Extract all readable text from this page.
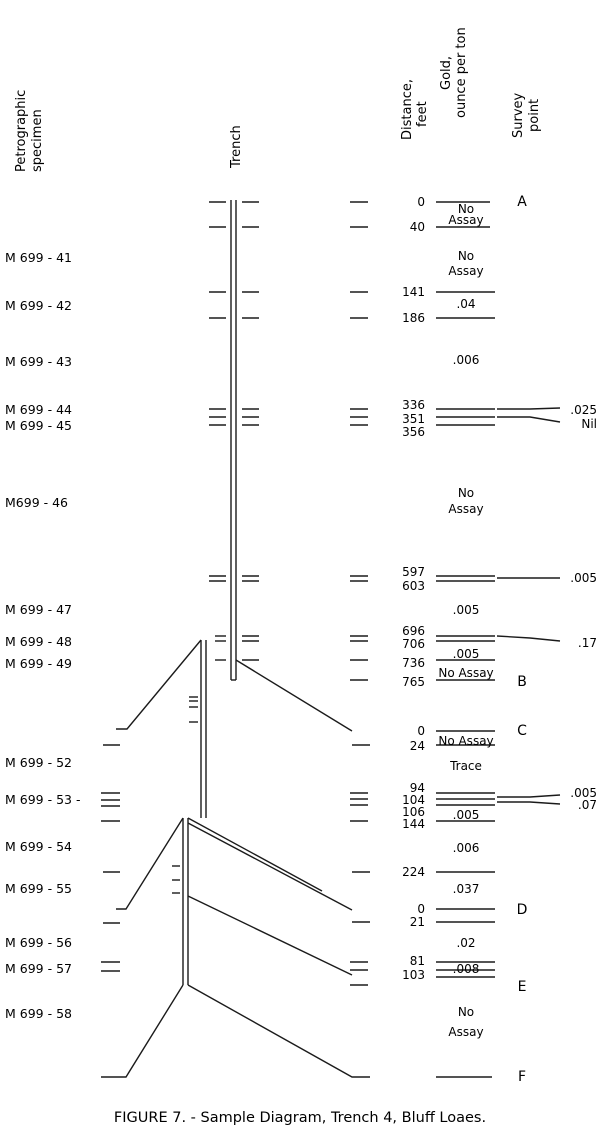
Petrographic specimen	Trench
Distance, feet
Gold, ounce per ton	Survey point
M 699 - 41
M 699 - 42
M 699 - 43
M 699 - 44
M 699 - 45
M699 - 46
M 699 - 47
M 699 - 48
M 699 - 49
M 699 - 52
M 699 - 53 -
M 699 - 54
M 699 - 55
M 699 - 56
M 699 - 57
M 699 - 58
0
40
141
186
336
351
356
597
603
696
706
736
765
0
24
94
104
106
144
224
0
21
81
103
No
Assay
No
Assay
.04
.006
No
Assay
.005
.005
No Assay
No Assay
Trace
.005
.006
.037
.02
.008
No
Assay
.025
Nil
.005
.17
.005
.07
A
B
C
D
E
F
FIGURE 7. - Sample Diagram, Trench 4, Bluff Loaes.
